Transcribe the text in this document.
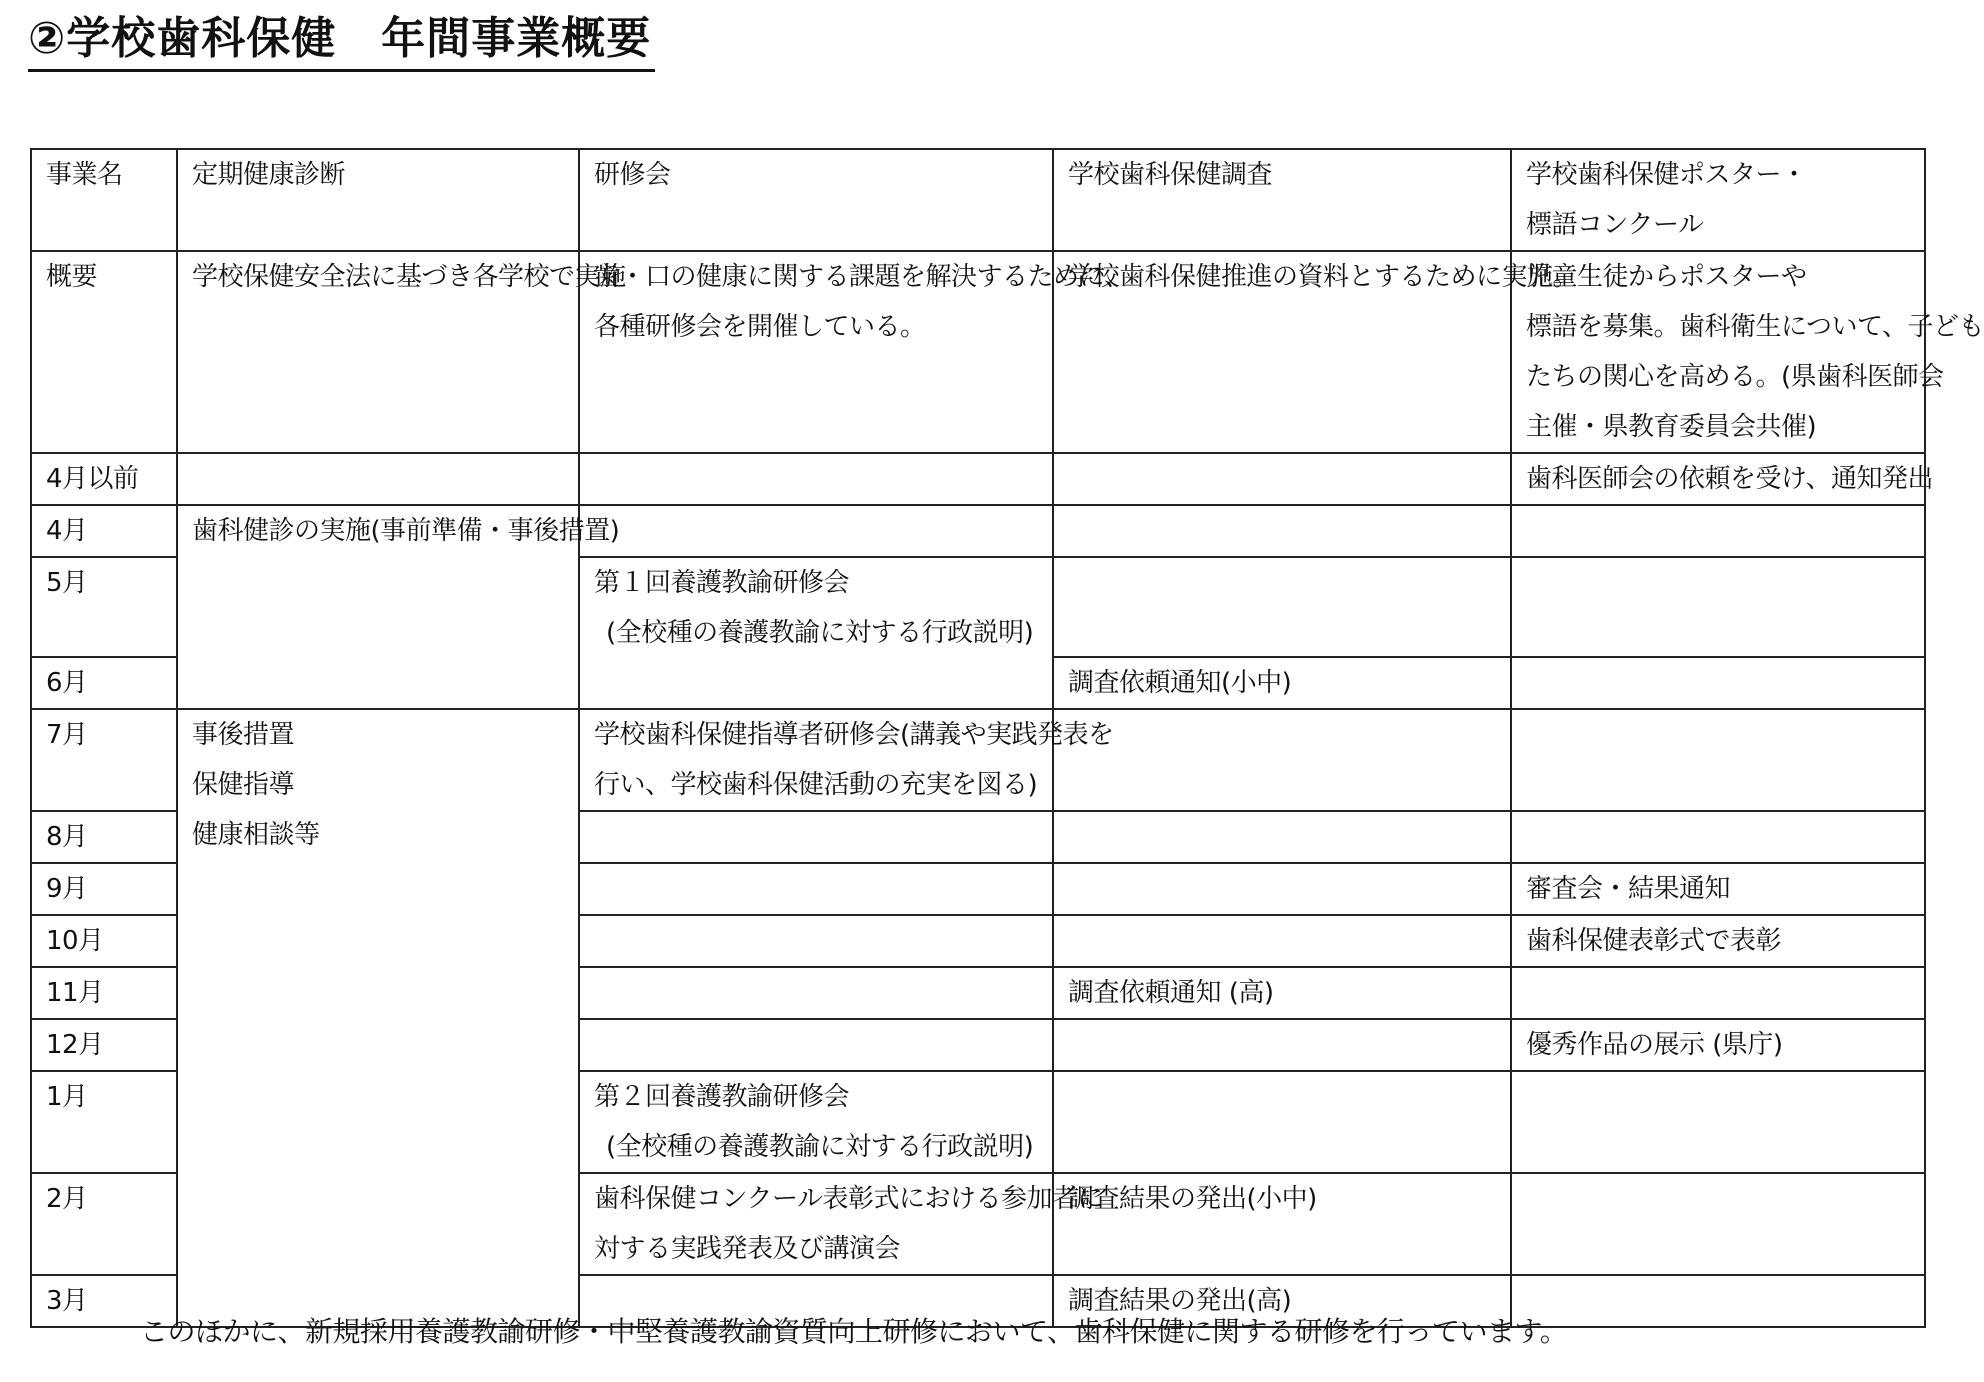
②学校歯科保健　年間事業概要
事業名	定期健康診断	研修会	学校歯科保健調査	学校歯科保健ポスター・
標語コンクール

概要	学校保健安全法に基づき各学校で実施	歯・口の健康に関する課題を解決するために、
各種研修会を開催している。	学校歯科保健推進の資料とするために実施。	児童生徒からポスターや
標語を募集。歯科衛生について、子ども
たちの関心を高める。(県歯科医師会
主催・県教育委員会共催)

4月以前				歯科医師会の依頼を受け、通知発出

4月	歯科健診の実施(事前準備・事後措置)			

5月		第１回養護教諭研修会
(全校種の養護教諭に対する行政説明)		

6月			調査依頼通知(小中)	

7月	事後措置
保健指導
健康相談等	学校歯科保健指導者研修会(講義や実践発表を
行い、学校歯科保健活動の充実を図る)		

8月				

9月				審査会・結果通知

10月				歯科保健表彰式で表彰

11月			調査依頼通知 (高)	

12月				優秀作品の展示 (県庁)

1月		第２回養護教諭研修会
(全校種の養護教諭に対する行政説明)		

2月		歯科保健コンクール表彰式における参加者に
対する実践発表及び講演会	調査結果の発出(小中)	

3月			調査結果の発出(高)	

このほかに、新規採用養護教諭研修・中堅養護教諭資質向上研修において、歯科保健に関する研修を行っています。
